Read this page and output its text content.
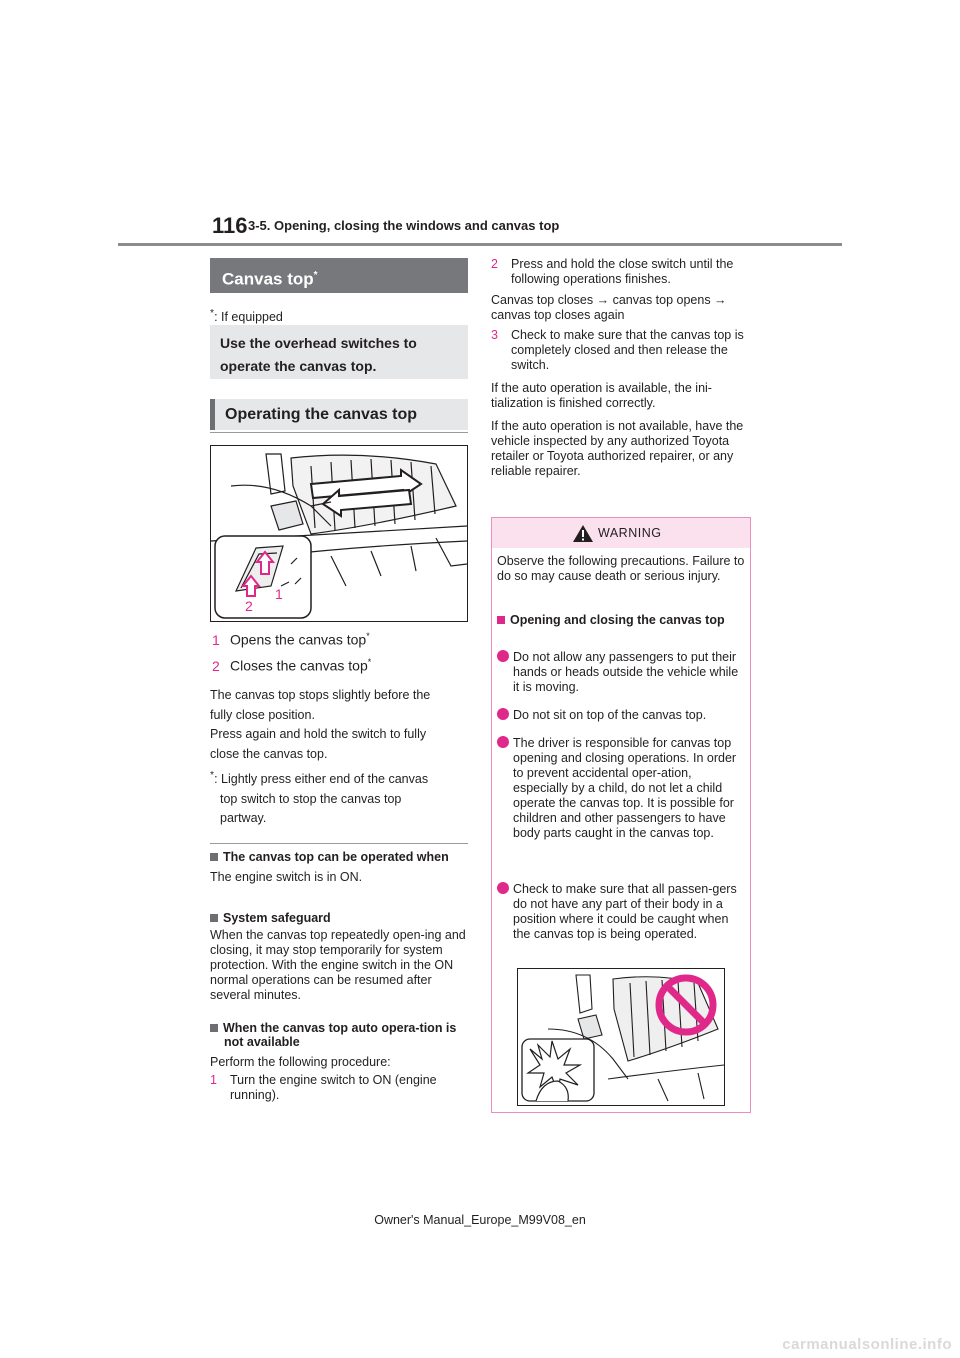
116 3-5. Opening, closing the windows and canvas top
Canvas top*
*: If equipped
Use the overhead switches to operate the canvas top.
Operating the canvas top
1
2
1 Opens the canvas top*
2 Closes the canvas top*
The canvas top stops slightly before the
fully close position.
Press again and hold the switch to fully
close the canvas top.
*: Lightly press either end of the canvas
top switch to stop the canvas top
partway.
The canvas top can be operated when
The engine switch is in ON.
System safeguard
When the canvas top repeatedly open-ing and closing, it may stop temporarily for system protection. With the engine switch in the ON normal operations can be resumed after several minutes.
When the canvas top auto opera-tion is not available
Perform the following procedure:
1	Turn the engine switch to ON (engine running).
2	Press and hold the close switch until the following operations finishes.
Canvas top closes → canvas top opens → canvas top closes again
3	Check to make sure that the canvas top is completely closed and then release the switch.
If the auto operation is available, the ini-tialization is finished correctly.
If the auto operation is not available, have the vehicle inspected by any authorized Toyota retailer or Toyota authorized repairer, or any reliable repairer.
WARNING
Observe the following precautions. Failure to do so may cause death or serious injury.
Opening and closing the canvas top
Do not allow any passengers to put their hands or heads outside the vehicle while it is moving.
Do not sit on top of the canvas top.
The driver is responsible for canvas top opening and closing operations. In order to prevent accidental oper-ation, especially by a child, do not let a child operate the canvas top. It is possible for children and other passengers to have body parts caught in the canvas top.
Check to make sure that all passen-gers do not have any part of their body in a position where it could be caught when the canvas top is being operated.
Owner's Manual_Europe_M99V08_en
carmanualsonline.info
